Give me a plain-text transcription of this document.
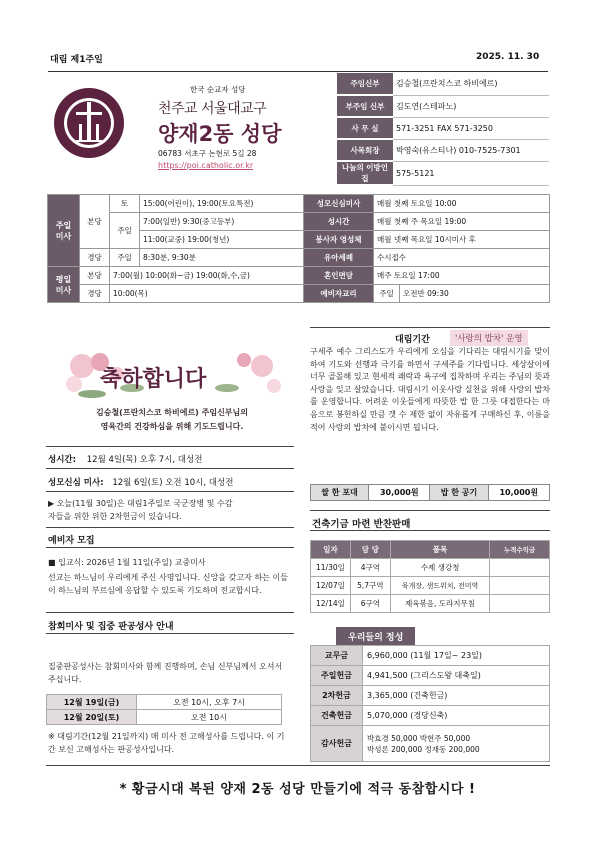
대림 제1주일	2025. 11. 30
한국 순교자 성당
천주교 서울대교구
양재2동 성당
06783 서초구 논현로 5길 28
https://poi.catholic.or.kr
주임신부	김승철(프란치스코 하비에르)
부주임 신부	김도연(스테파노)
사 무 실	571-3251 FAX 571-3250
사목회장	박영숙(유스티나) 010-7525-7301
나눔의 이방인집	575-5121
주일
미사	본당	토	15:00(어린이), 19:00(토요특전)	성모신심미사	매월 첫째 토요일 10:00	
		주일	7:00(일반) 9:30(중고등부)	성시간	매월 첫째 주 목요일 19:00	
			11:00(교중) 19:00(청년)	봉사자 영성체	매월 넷째 목요일 10시미사 후	
	경당	주일	8:30분, 9:30분	유아세례	수시접수	
평일
미사	본당	7:00(월) 10:00(화~금) 19:00(화,수,금)		혼인면담	매주 토요일 17:00	
	경당	10:00(목)		예비자교리	주일	오전반 09:30
축하합니다
김승철(프란치스코 하비에르) 주임신부님의
영육간의 건강하심을 위해 기도드립니다.
성시간: 12월 4일(목) 오후 7시, 대성전
성모신심 미사: 12월 6일(토) 오전 10시, 대성전
▶ 오늘(11월 30일)은 대림1주일로 국군장병 및 수감
자들을 위한 위한 2차헌금이 있습니다.
예비자 모집
■ 입교식: 2026년 1월 11일(주일) 교중미사
선교는 하느님이 우리에게 주신 사명입니다. 신앙을 갖고자 하는 이들이 하느님의 부르심에 응답할 수 있도록 기도하며 전교합시다.
참회미사 및 집중 판공성사 안내
집중판공성사는 참회미사와 함께 진행하며, 손님 신부님께서 오셔서 주십니다.
12월 19일(금)	오전 10시, 오후 7시
12월 20일(토)	오전 10시
※ 대림기간(12월 21일까지) 매 미사 전 고해성사를 드립니다. 이 기간 보신 고해성사는 판공성사입니다.
대림기간	'사랑의 밥차' 운영
구세주 예수 그리스도가 우리에게 오심을 기다리는 대림시기를 맞이하여 기도와 선행과 극기를 하면서 구세주를 기다립니다. 세상살이에 너무 골몰해 있고 현세적 쾌락과 욕구에 집착하며 우리는 주님의 뜻과 사랑을 잊고 살았습니다. 대림시기 이웃사랑 실천을 위해 사랑의 밥차를 운영합니다. 어려운 이웃들에게 따뜻한 밥 한 그릇 대접한다는 마음으로 봉헌하실 만큼 갯 수 제한 없이 자유롭게 구매하신 후, 이름을 적어 사랑의 밥차에 붙이시면 됩니다.
쌀 한 포대	30,000원	밥 한 공기	10,000원
건축기금 마련 반찬판매
일자	담 당	품목	누적수익금
11/30일	4구역	수제 생강청	
12/07일	5,7구역	육개장, 샌드위치, 전미역	
12/14일	6구역	제육볶음, 도라지무침	
우리들의 정성
교무금	6,960,000 (11월 17일~ 23일)
주일헌금	4,941,500 (그리스도왕 대축일)
2차헌금	3,365,000 (건축헌금)
건축헌금	5,070,000 (경당신축)
감사헌금	박효경 50,000 박현주 50,000
박성론 200,000 정재동 200,000
* 황금시대 복된 양재 2동 성당 만들기에 적극 동참합시다 !
